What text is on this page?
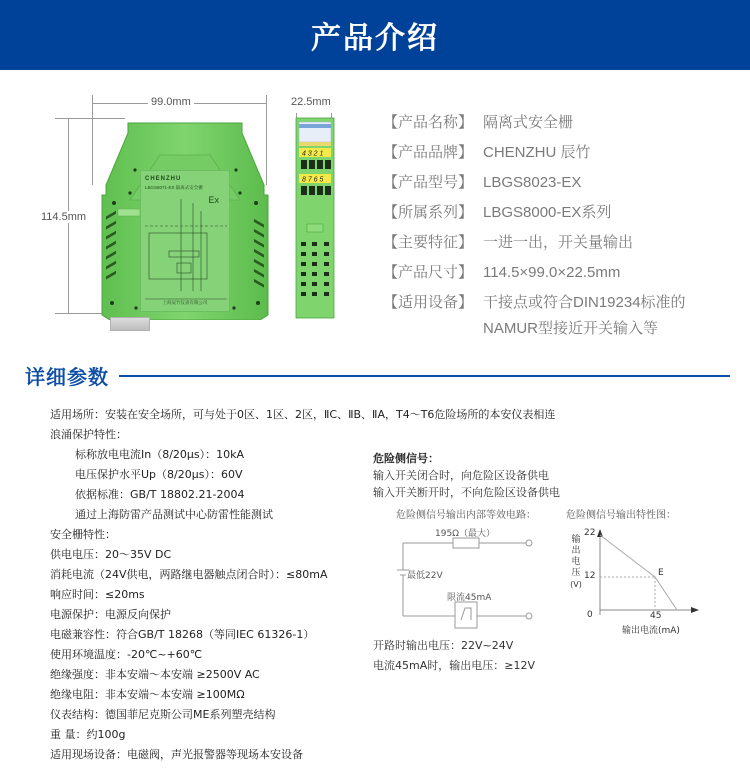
产品介绍
99.0mm
114.5mm
22.5mm
CHENZHU
LBGS8071-EX 隔离式安全栅
Ex
上海辰竹仪表有限公司
4 3 2 1
8 7 6 5
【产品名称】 隔离式安全栅
【产品品牌】 CHENZHU 辰竹
【产品型号】 LBGS8023-EX
【所属系列】 LBGS8000-EX系列
【主要特征】 一进一出，开关量输出
【产品尺寸】 114.5×99.0×22.5mm
【适用设备】 干接点或符合DIN19234标准的
NAMUR型接近开关输入等
详细参数
适用场所：安装在安全场所，可与处于0区、1区、2区，ⅡC、ⅡB、ⅡA，T4～T6危险场所的本安仪表相连
浪涌保护特性：
标称放电电流In（8/20μs）：10kA
电压保护水平Up（8/20μs）：60V
依据标准：GB/T 18802.21-2004
通过上海防雷产品测试中心防雷性能测试
安全栅特性：
供电电压：20～35V DC
消耗电流（24V供电，两路继电器触点闭合时）：≤80mA
响应时间：≤20ms
电源保护：电源反向保护
电磁兼容性：符合GB/T 18268（等同IEC 61326-1）
使用环境温度：-20℃~+60℃
绝缘强度：非本安端～本安端 ≥2500V AC
绝缘电阻：非本安端～本安端 ≥100MΩ
仪表结构：德国菲尼克斯公司ME系列塑壳结构
重 量：约100g
适用现场设备：电磁阀，声光报警器等现场本安设备
危险侧信号：
输入开关闭合时，向危险区设备供电
输入开关断开时，不向危险区设备供电
危险侧信号输出内部等效电路：	危险侧信号输出特性图：
195Ω（最大）
最低22V
限流45mA
22
12
0	45
E
输出电流(mA)
输
出
电
压
(V)
开路时输出电压：22V~24V
电流45mA时，输出电压：≥12V
